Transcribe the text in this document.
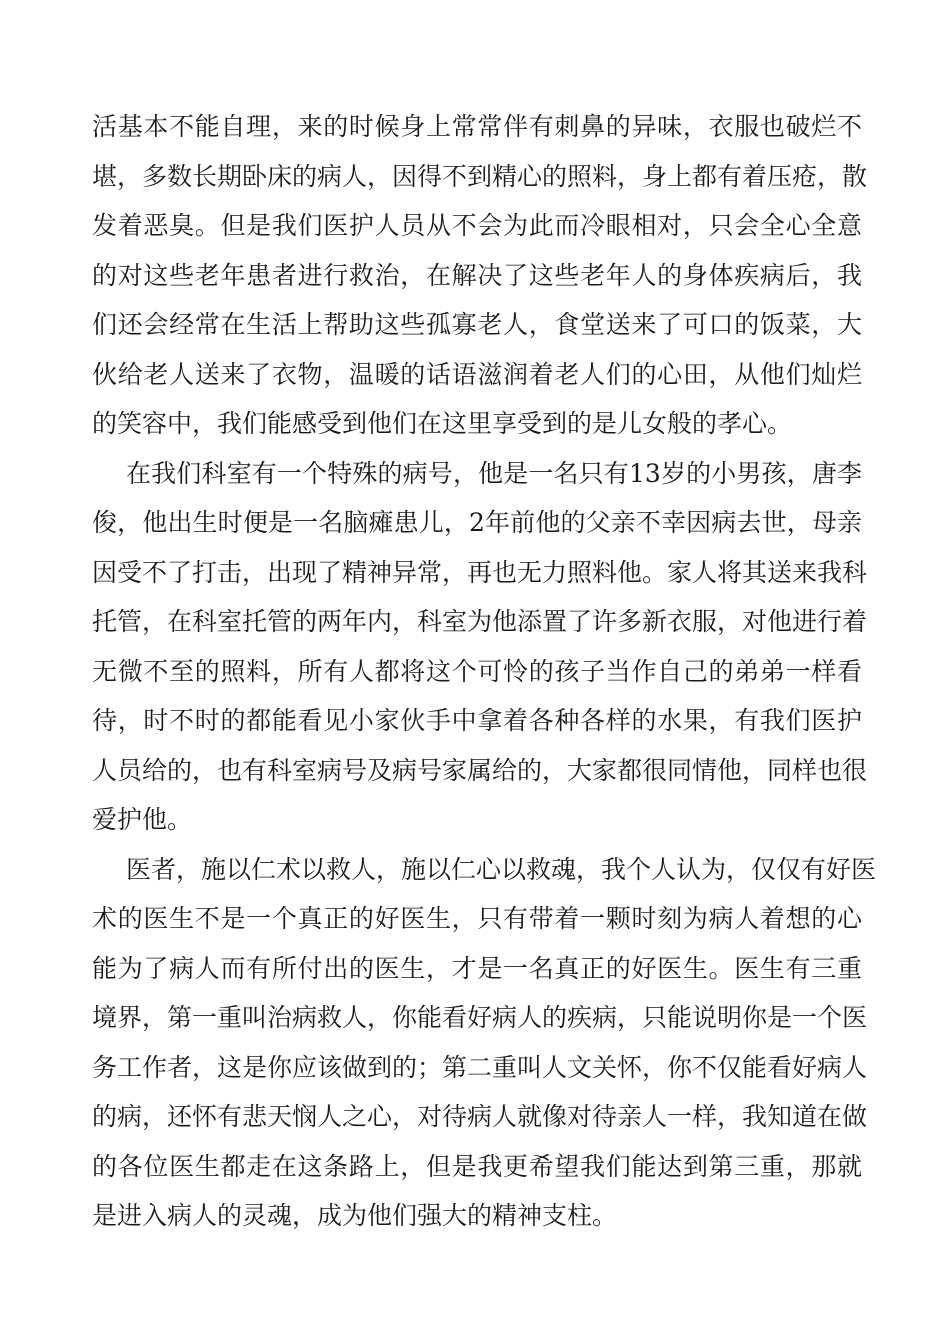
活基本不能自理，来的时候身上常常伴有刺鼻的异味，衣服也破烂不
堪，多数长期卧床的病人，因得不到精心的照料，身上都有着压疮，散
发着恶臭。但是我们医护人员从不会为此而冷眼相对，只会全心全意
的对这些老年患者进行救治，在解决了这些老年人的身体疾病后，我
们还会经常在生活上帮助这些孤寡老人，食堂送来了可口的饭菜，大
伙给老人送来了衣物，温暖的话语滋润着老人们的心田，从他们灿烂
的笑容中，我们能感受到他们在这里享受到的是儿女般的孝心。
在我们科室有一个特殊的病号，他是一名只有13岁的小男孩，唐李
俊，他出生时便是一名脑瘫患儿，2年前他的父亲不幸因病去世，母亲
因受不了打击，出现了精神异常，再也无力照料他。家人将其送来我科
托管，在科室托管的两年内，科室为他添置了许多新衣服，对他进行着
无微不至的照料，所有人都将这个可怜的孩子当作自己的弟弟一样看
待，时不时的都能看见小家伙手中拿着各种各样的水果，有我们医护
人员给的，也有科室病号及病号家属给的，大家都很同情他，同样也很
爱护他。
医者，施以仁术以救人，施以仁心以救魂，我个人认为，仅仅有好医
术的医生不是一个真正的好医生，只有带着一颗时刻为病人着想的心
能为了病人而有所付出的医生，才是一名真正的好医生。医生有三重
境界，第一重叫治病救人，你能看好病人的疾病，只能说明你是一个医
务工作者，这是你应该做到的；第二重叫人文关怀，你不仅能看好病人
的病，还怀有悲天悯人之心，对待病人就像对待亲人一样，我知道在做
的各位医生都走在这条路上，但是我更希望我们能达到第三重，那就
是进入病人的灵魂，成为他们强大的精神支柱。
